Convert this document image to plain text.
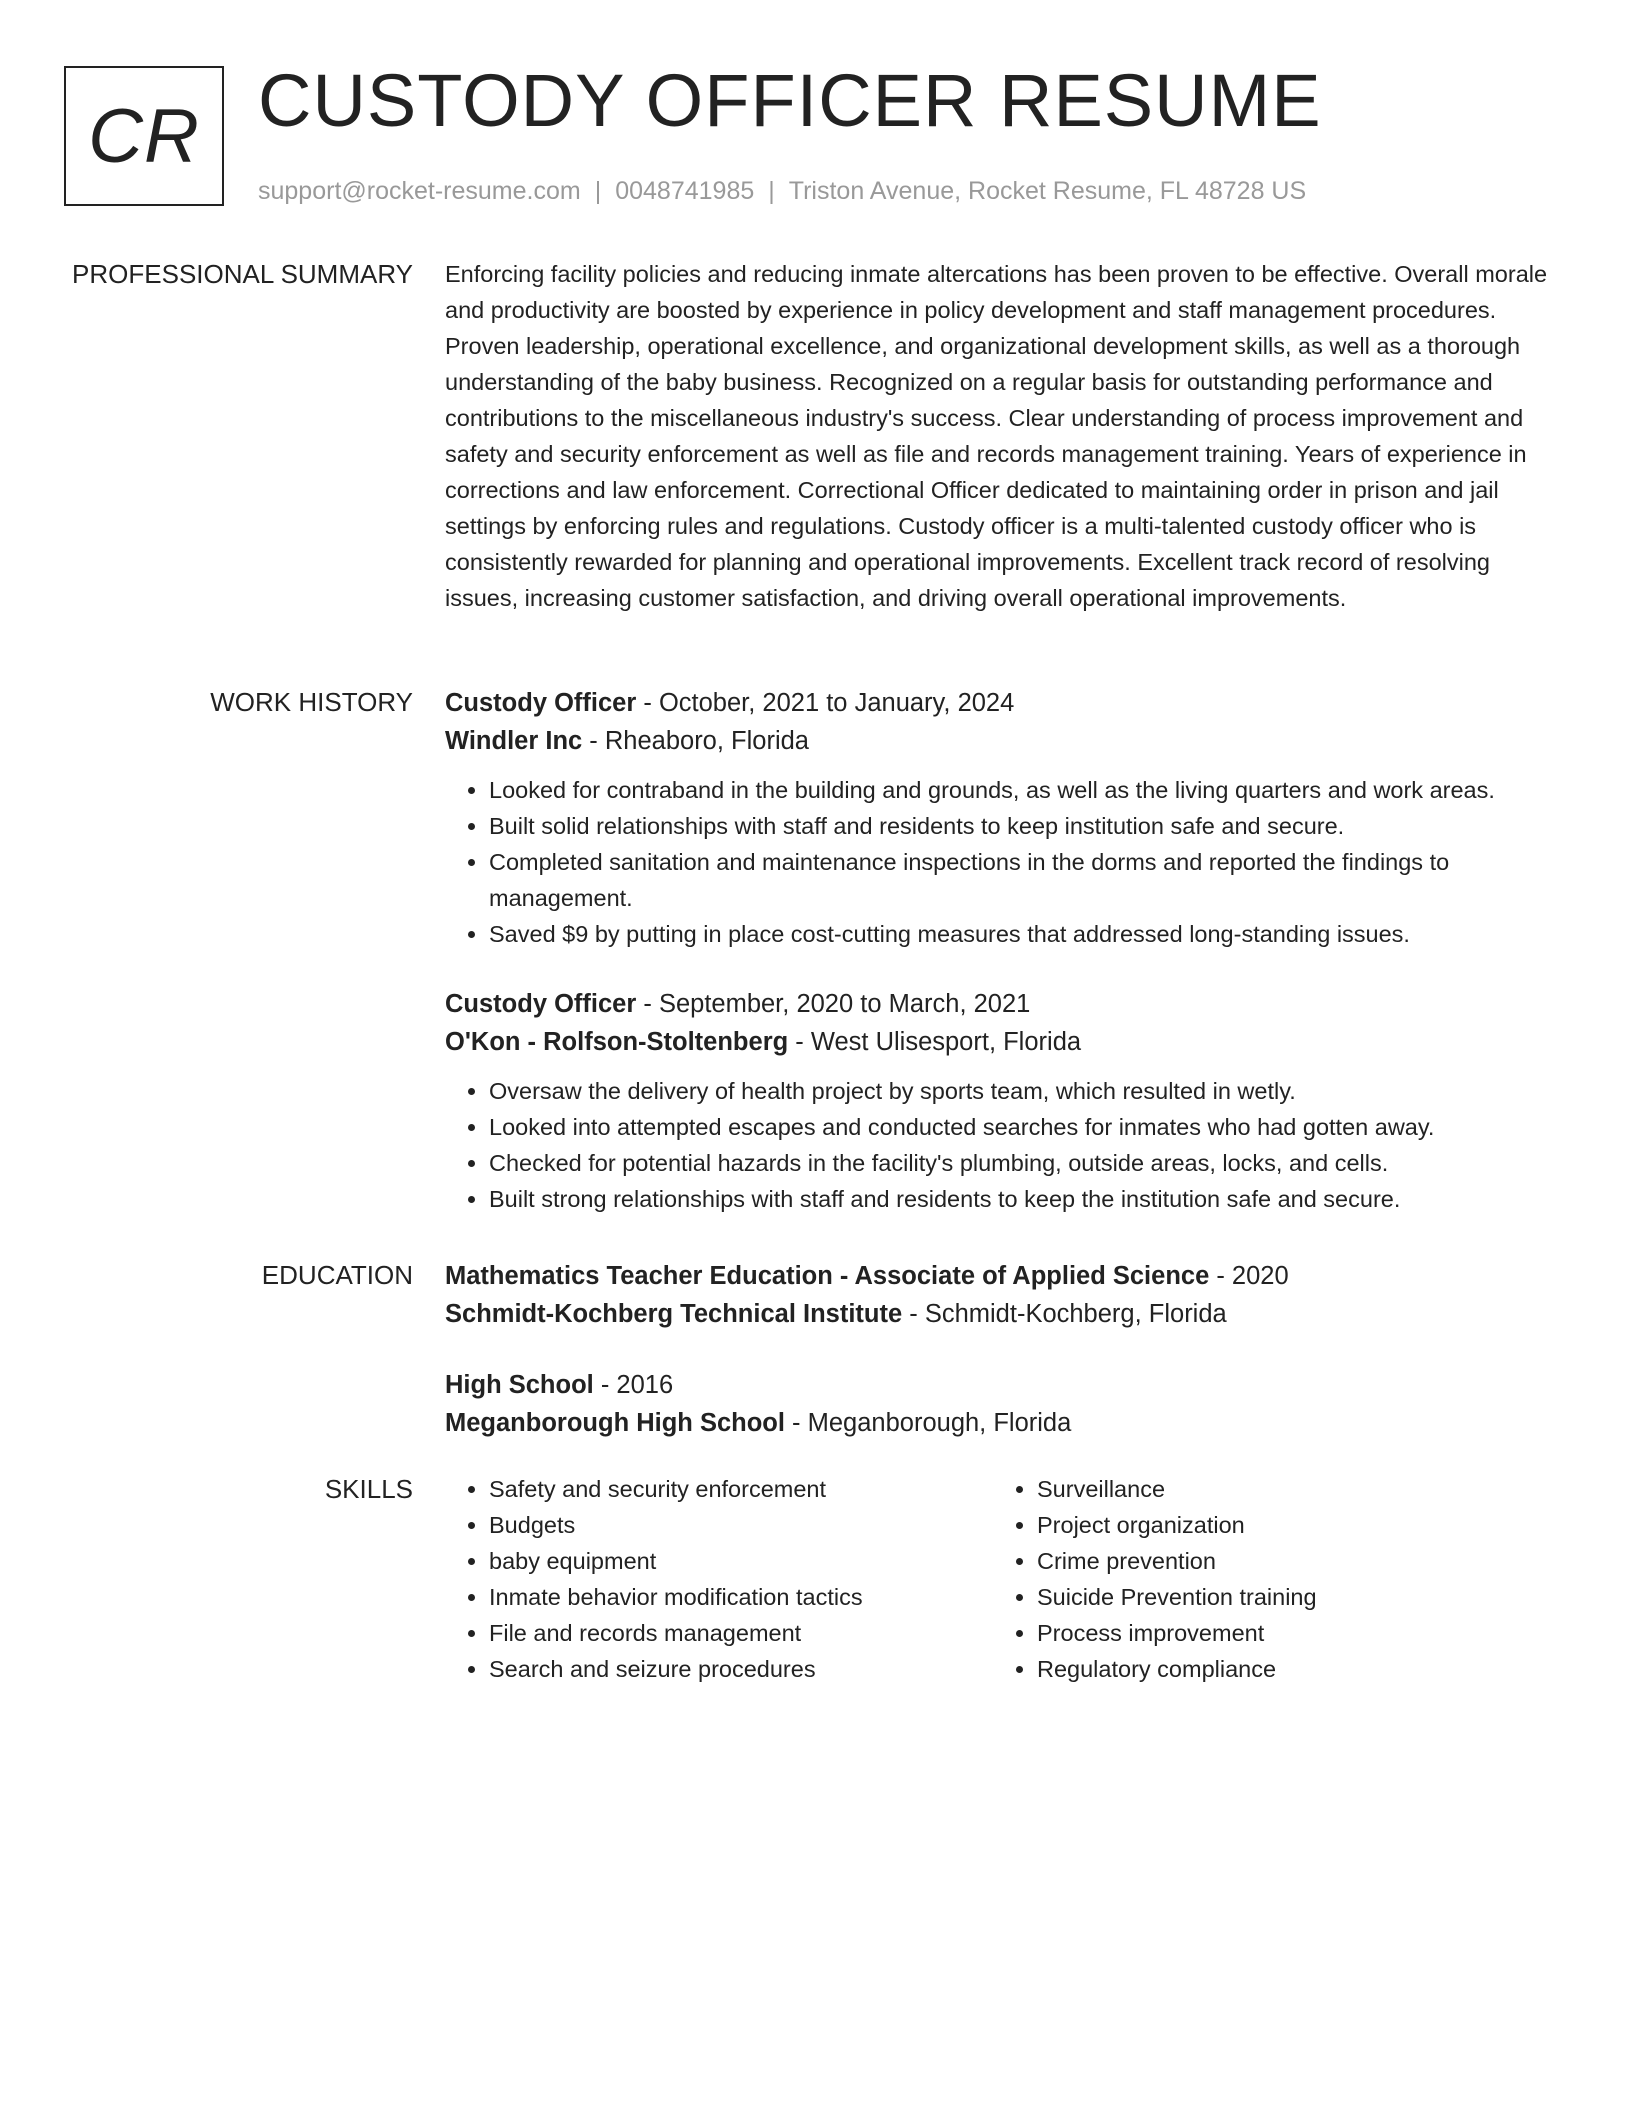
CR CUSTODY OFFICER RESUME
support@rocket-resume.com | 0048741985 | Triston Avenue, Rocket Resume, FL 48728 US
PROFESSIONAL SUMMARY Enforcing facility policies and reducing inmate altercations has been proven to be effective. Overall morale and productivity are boosted by experience in policy development and staff management procedures. Proven leadership, operational excellence, and organizational development skills, as well as a thorough understanding of the baby business. Recognized on a regular basis for outstanding performance and contributions to the miscellaneous industry's success. Clear understanding of process improvement and safety and security enforcement as well as file and records management training. Years of experience in corrections and law enforcement. Correctional Officer dedicated to maintaining order in prison and jail settings by enforcing rules and regulations. Custody officer is a multi-talented custody officer who is consistently rewarded for planning and operational improvements. Excellent track record of resolving issues, increasing customer satisfaction, and driving overall operational improvements.

WORK HISTORY Custody Officer - October, 2021 to January, 2024
Windler Inc - Rheaboro, Florida
• Looked for contraband in the building and grounds, as well as the living quarters and work areas.
• Built solid relationships with staff and residents to keep institution safe and secure.
• Completed sanitation and maintenance inspections in the dorms and reported the findings to management.
• Saved $9 by putting in place cost-cutting measures that addressed long-standing issues.
Custody Officer - September, 2020 to March, 2021
O'Kon - Rolfson-Stoltenberg - West Ulisesport, Florida
• Oversaw the delivery of health project by sports team, which resulted in wetly.
• Looked into attempted escapes and conducted searches for inmates who had gotten away.
• Checked for potential hazards in the facility's plumbing, outside areas, locks, and cells.
• Built strong relationships with staff and residents to keep the institution safe and secure.
EDUCATION Mathematics Teacher Education - Associate of Applied Science - 2020
Schmidt-Kochberg Technical Institute - Schmidt-Kochberg, Florida
High School - 2016
Meganborough High School - Meganborough, Florida
SKILLS
•	Safety and security enforcement
• Budgets
• baby equipment
• Inmate behavior modification tactics
• File and records management
• Search and seizure procedures
• Surveillance
• Project organization
• Crime prevention
• Suicide Prevention training
• Process improvement
• Regulatory compliance
